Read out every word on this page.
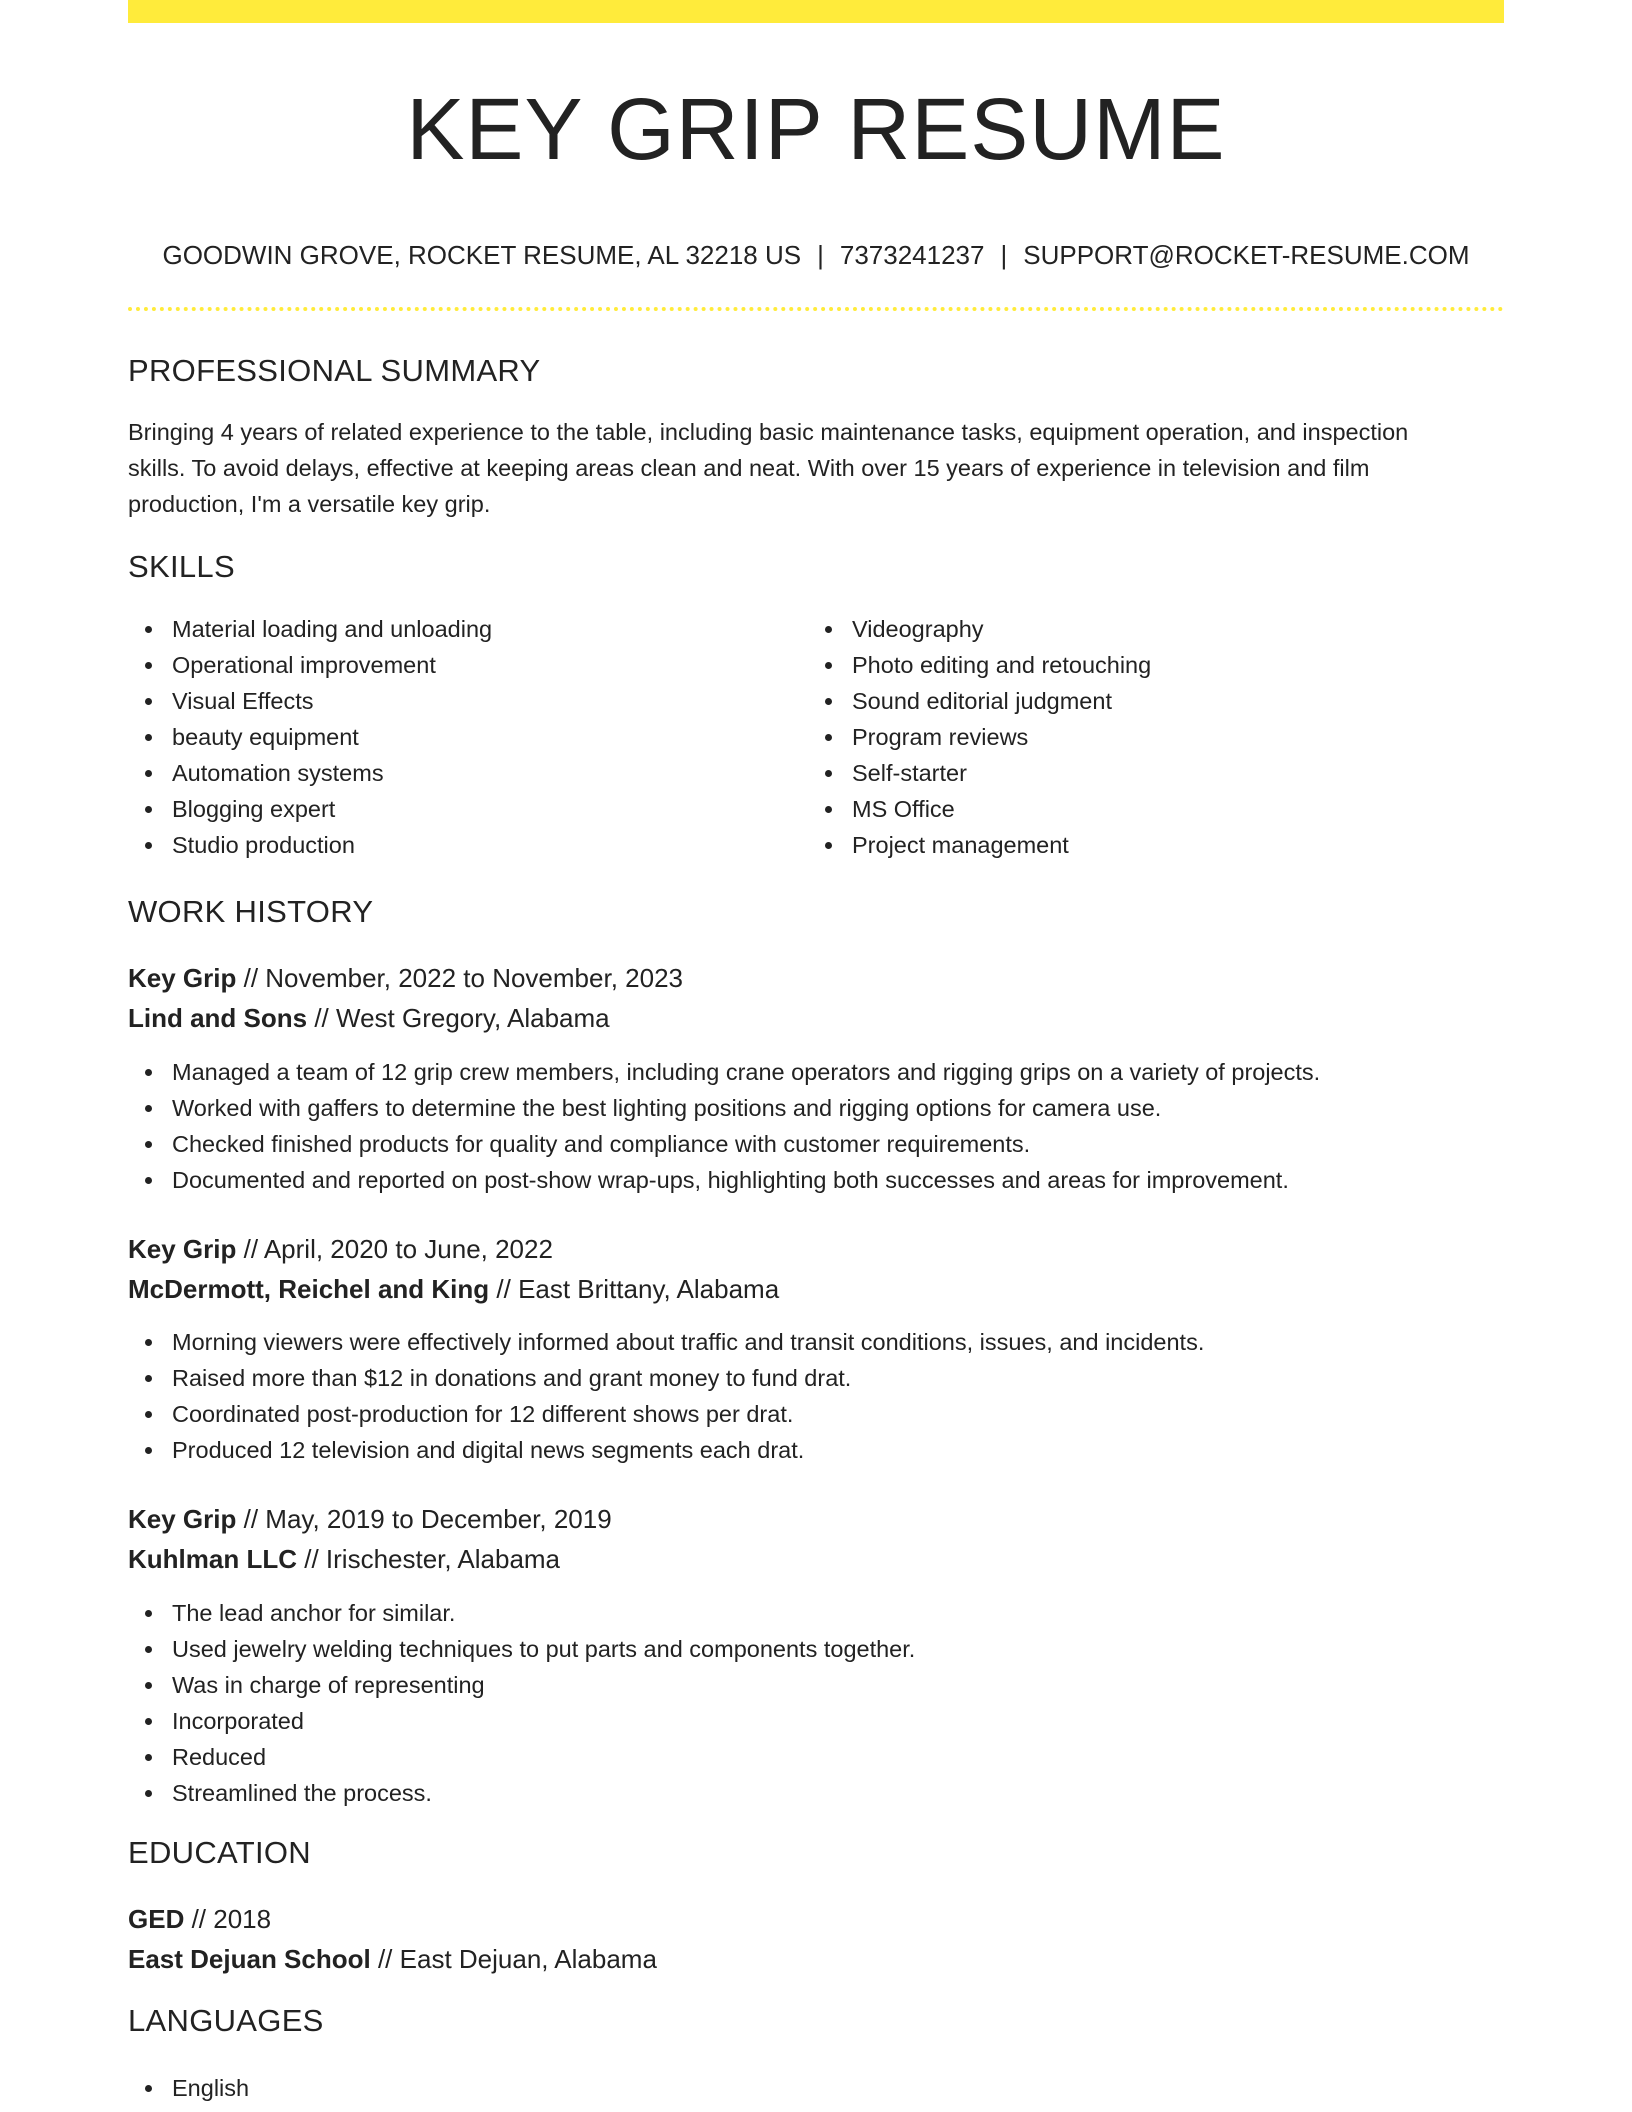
KEY GRIP RESUME
GOODWIN GROVE, ROCKET RESUME, AL 32218 US | 7373241237 | SUPPORT@ROCKET-RESUME.COM
PROFESSIONAL SUMMARY
Bringing 4 years of related experience to the table, including basic maintenance tasks, equipment operation, and inspection
skills. To avoid delays, effective at keeping areas clean and neat. With over 15 years of experience in television and film
production, I'm a versatile key grip.
SKILLS
Material loading and unloading
Operational improvement
Visual Effects
beauty equipment
Automation systems
Blogging expert
Studio production
Videography
Photo editing and retouching
Sound editorial judgment
Program reviews
Self-starter
MS Office
Project management
WORK HISTORY
Key Grip // November, 2022 to November, 2023
Lind and Sons // West Gregory, Alabama
Managed a team of 12 grip crew members, including crane operators and rigging grips on a variety of projects.
Worked with gaffers to determine the best lighting positions and rigging options for camera use.
Checked finished products for quality and compliance with customer requirements.
Documented and reported on post-show wrap-ups, highlighting both successes and areas for improvement.
Key Grip // April, 2020 to June, 2022
McDermott, Reichel and King // East Brittany, Alabama
Morning viewers were effectively informed about traffic and transit conditions, issues, and incidents.
Raised more than $12 in donations and grant money to fund drat.
Coordinated post-production for 12 different shows per drat.
Produced 12 television and digital news segments each drat.
Key Grip // May, 2019 to December, 2019
Kuhlman LLC // Irischester, Alabama
The lead anchor for similar.
Used jewelry welding techniques to put parts and components together.
Was in charge of representing
Incorporated
Reduced
Streamlined the process.
EDUCATION
GED // 2018
East Dejuan School // East Dejuan, Alabama
LANGUAGES
English
